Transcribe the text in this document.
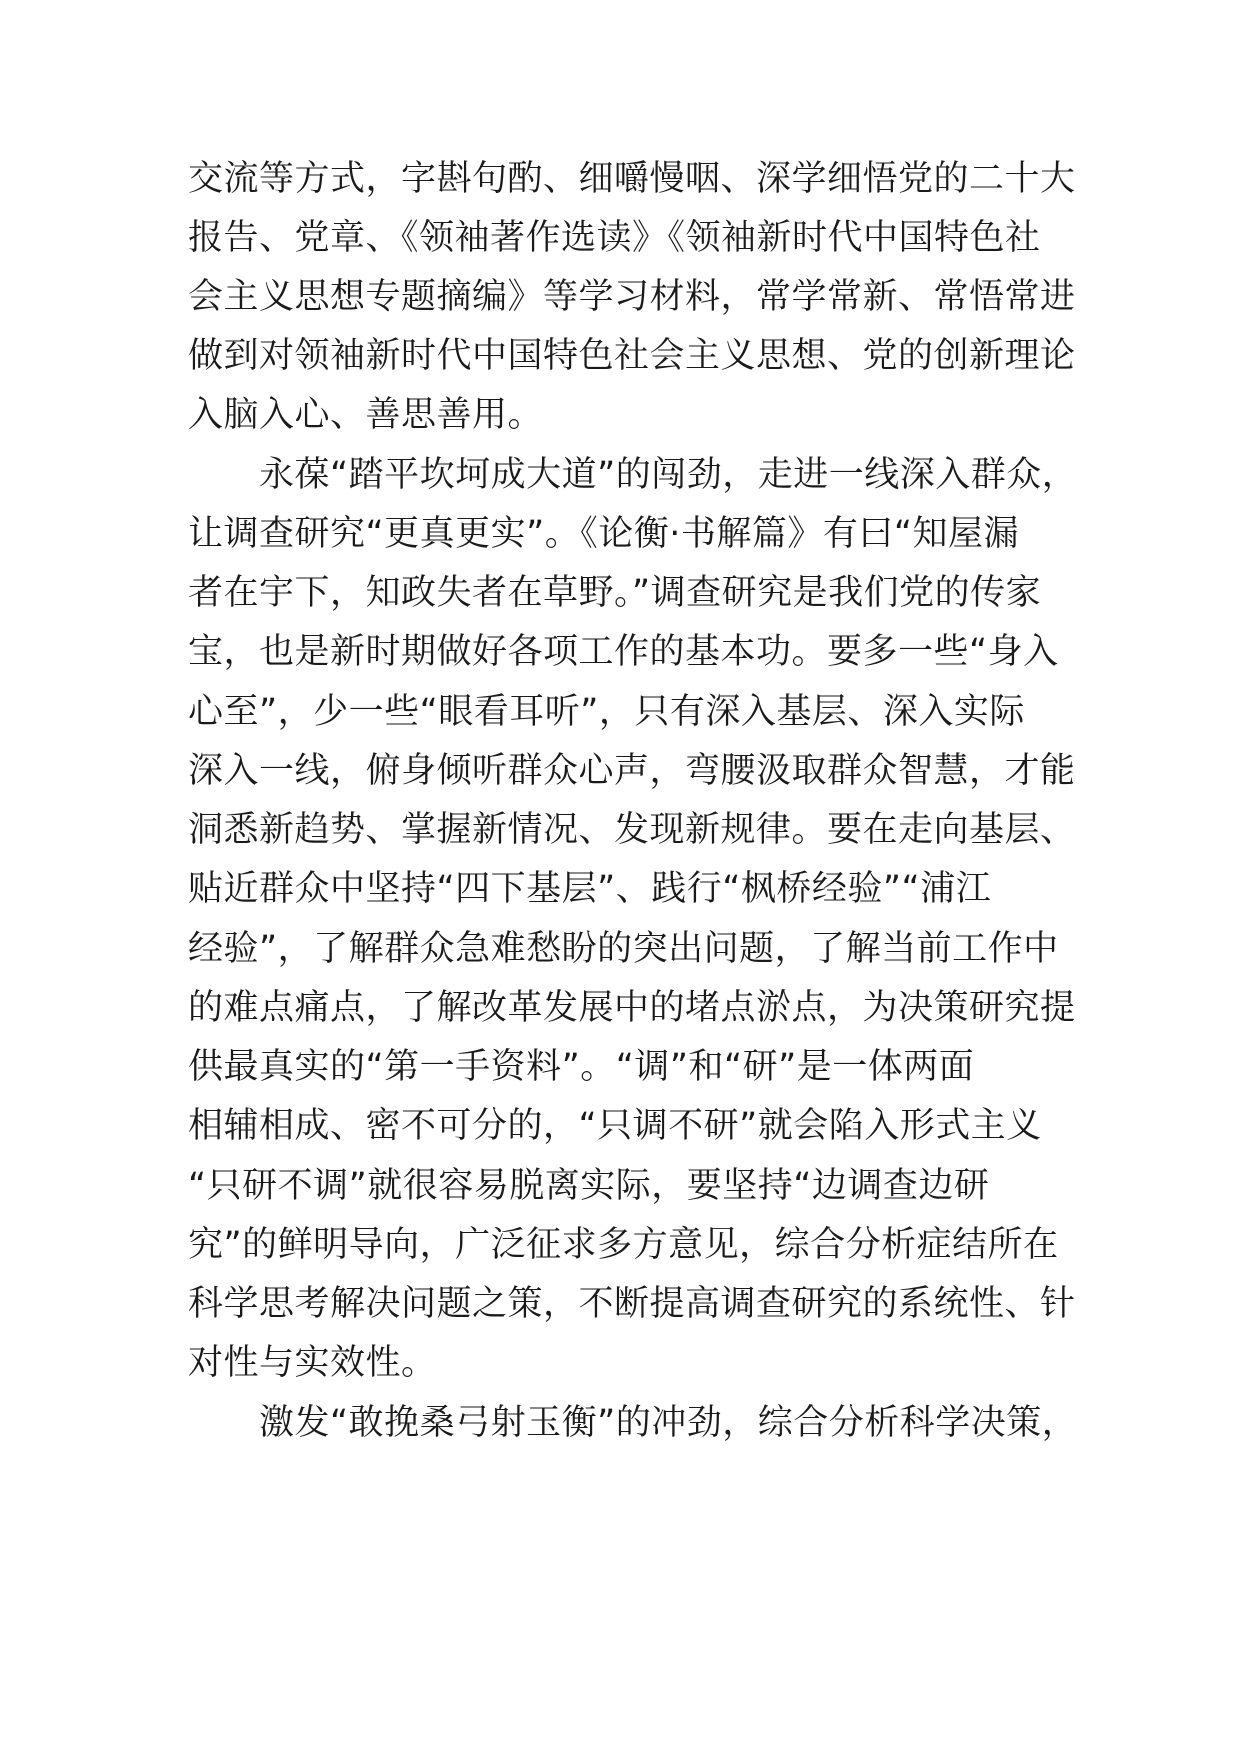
交流等方式，字斟句酌、细嚼慢咽、深学细悟党的二十大
报告、党章、《领袖著作选读》《领袖新时代中国特色社
会主义思想专题摘编》等学习材料，常学常新、常悟常进
做到对领袖新时代中国特色社会主义思想、党的创新理论
入脑入心、善思善用。
　　永葆“踏平坎坷成大道”的闯劲，走进一线深入群众，
让调查研究“更真更实”。《论衡·书解篇》有曰“知屋漏
者在宇下，知政失者在草野。”调查研究是我们党的传家
宝，也是新时期做好各项工作的基本功。要多一些“身入
心至”，少一些“眼看耳听”，只有深入基层、深入实际
深入一线，俯身倾听群众心声，弯腰汲取群众智慧，才能
洞悉新趋势、掌握新情况、发现新规律。要在走向基层、
贴近群众中坚持“四下基层”、践行“枫桥经验”“浦江
经验”，了解群众急难愁盼的突出问题，了解当前工作中
的难点痛点，了解改革发展中的堵点淤点，为决策研究提
供最真实的“第一手资料”。“调”和“研”是一体两面
相辅相成、密不可分的，“只调不研”就会陷入形式主义
“只研不调”就很容易脱离实际，要坚持“边调查边研
究”的鲜明导向，广泛征求多方意见，综合分析症结所在
科学思考解决问题之策，不断提高调查研究的系统性、针
对性与实效性。
　　激发“敢挽桑弓射玉衡”的冲劲，综合分析科学决策，
